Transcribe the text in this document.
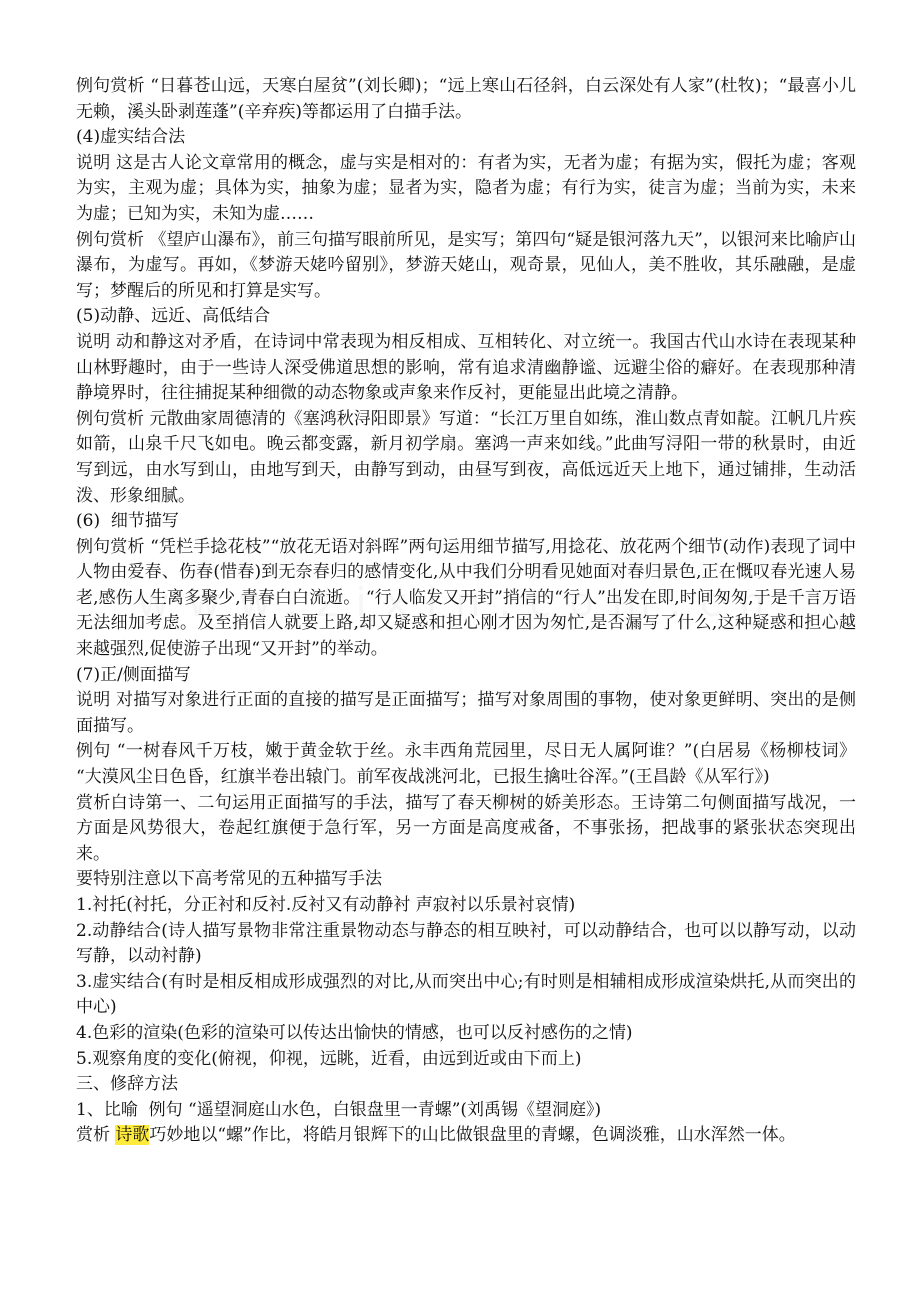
例句赏析 “日暮苍山远，天寒白屋贫”(刘长卿)；“远上寒山石径斜，白云深处有人家”(杜牧)；“最喜小儿无赖，溪头卧剥莲蓬”(辛弃疾)等都运用了白描手法。

(4)虚实结合法

说明 这是古人论文章常用的概念，虚与实是相对的：有者为实，无者为虚；有据为实，假托为虚；客观为实，主观为虚；具体为实，抽象为虚；显者为实，隐者为虚；有行为实，徒言为虚；当前为实，未来为虚；已知为实，未知为虚……

例句赏析 《望庐山瀑布》，前三句描写眼前所见，是实写；第四句“疑是银河落九天”，以银河来比喻庐山瀑布，为虚写。再如，《梦游天姥吟留别》，梦游天姥山，观奇景，见仙人，美不胜收，其乐融融，是虚写；梦醒后的所见和打算是实写。

(5)动静、远近、高低结合

说明 动和静这对矛盾，在诗词中常表现为相反相成、互相转化、对立统一。我国古代山水诗在表现某种山林野趣时，由于一些诗人深受佛道思想的影响，常有追求清幽静谧、远避尘俗的癖好。在表现那种清静境界时，往往捕捉某种细微的动态物象或声象来作反衬，更能显出此境之清静。

例句赏析 元散曲家周德清的《塞鸿秋浔阳即景》写道：“长江万里自如练，淮山数点青如靛。江帆几片疾如箭，山泉千尺飞如电。晚云都变露，新月初学扇。塞鸿一声来如线。”此曲写浔阳一带的秋景时，由近写到远，由水写到山，由地写到天，由静写到动，由昼写到夜，高低远近天上地下，通过铺排，生动活泼、形象细腻。

(6)  细节描写

例句赏析 “凭栏手捻花枝”“放花无语对斜晖”两句运用细节描写,用捻花、放花两个细节(动作)表现了词中人物由爱春、伤春(惜春)到无奈春归的感情变化,从中我们分明看见她面对春归景色,正在慨叹春光速人易老,感伤人生离多聚少,青春白白流逝。 “行人临发又开封”捎信的“行人”出发在即,时间匆匆,于是千言万语无法细加考虑。及至捎信人就要上路,却又疑惑和担心刚才因为匆忙,是否漏写了什么,这种疑惑和担心越来越强烈,促使游子出现“又开封”的举动。

(7)正/侧面描写

说明 对描写对象进行正面的直接的描写是正面描写；描写对象周围的事物，使对象更鲜明、突出的是侧面描写。

例句 “一树春风千万枝，嫩于黄金软于丝。永丰西角荒园里，尽日无人属阿谁？”(白居易《杨柳枝词》 “大漠风尘日色昏，红旗半卷出辕门。前军夜战洮河北，已报生擒吐谷浑。”(王昌龄《从军行》)

赏析白诗第一、二句运用正面描写的手法，描写了春天柳树的娇美形态。王诗第二句侧面描写战况，一方面是风势很大，卷起红旗便于急行军，另一方面是高度戒备，不事张扬，把战事的紧张状态突现出来。

要特别注意以下高考常见的五种描写手法

1.衬托(衬托，分正衬和反衬.反衬又有动静衬 声寂衬以乐景衬哀情)

2.动静结合(诗人描写景物非常注重景物动态与静态的相互映衬，可以动静结合，也可以以静写动，以动写静，以动衬静)

3.虚实结合(有时是相反相成形成强烈的对比,从而突出中心;有时则是相辅相成形成渲染烘托,从而突出的中心)

4.色彩的渲染(色彩的渲染可以传达出愉快的情感，也可以反衬感伤的之情)

5.观察角度的变化(俯视，仰视，远眺，近看，由远到近或由下而上)

三、修辞方法

1、比喻  例句 “遥望洞庭山水色，白银盘里一青螺”(刘禹锡《望洞庭》)

赏析 诗歌巧妙地以“螺”作比，将皓月银辉下的山比做银盘里的青螺，色调淡雅，山水浑然一体。
